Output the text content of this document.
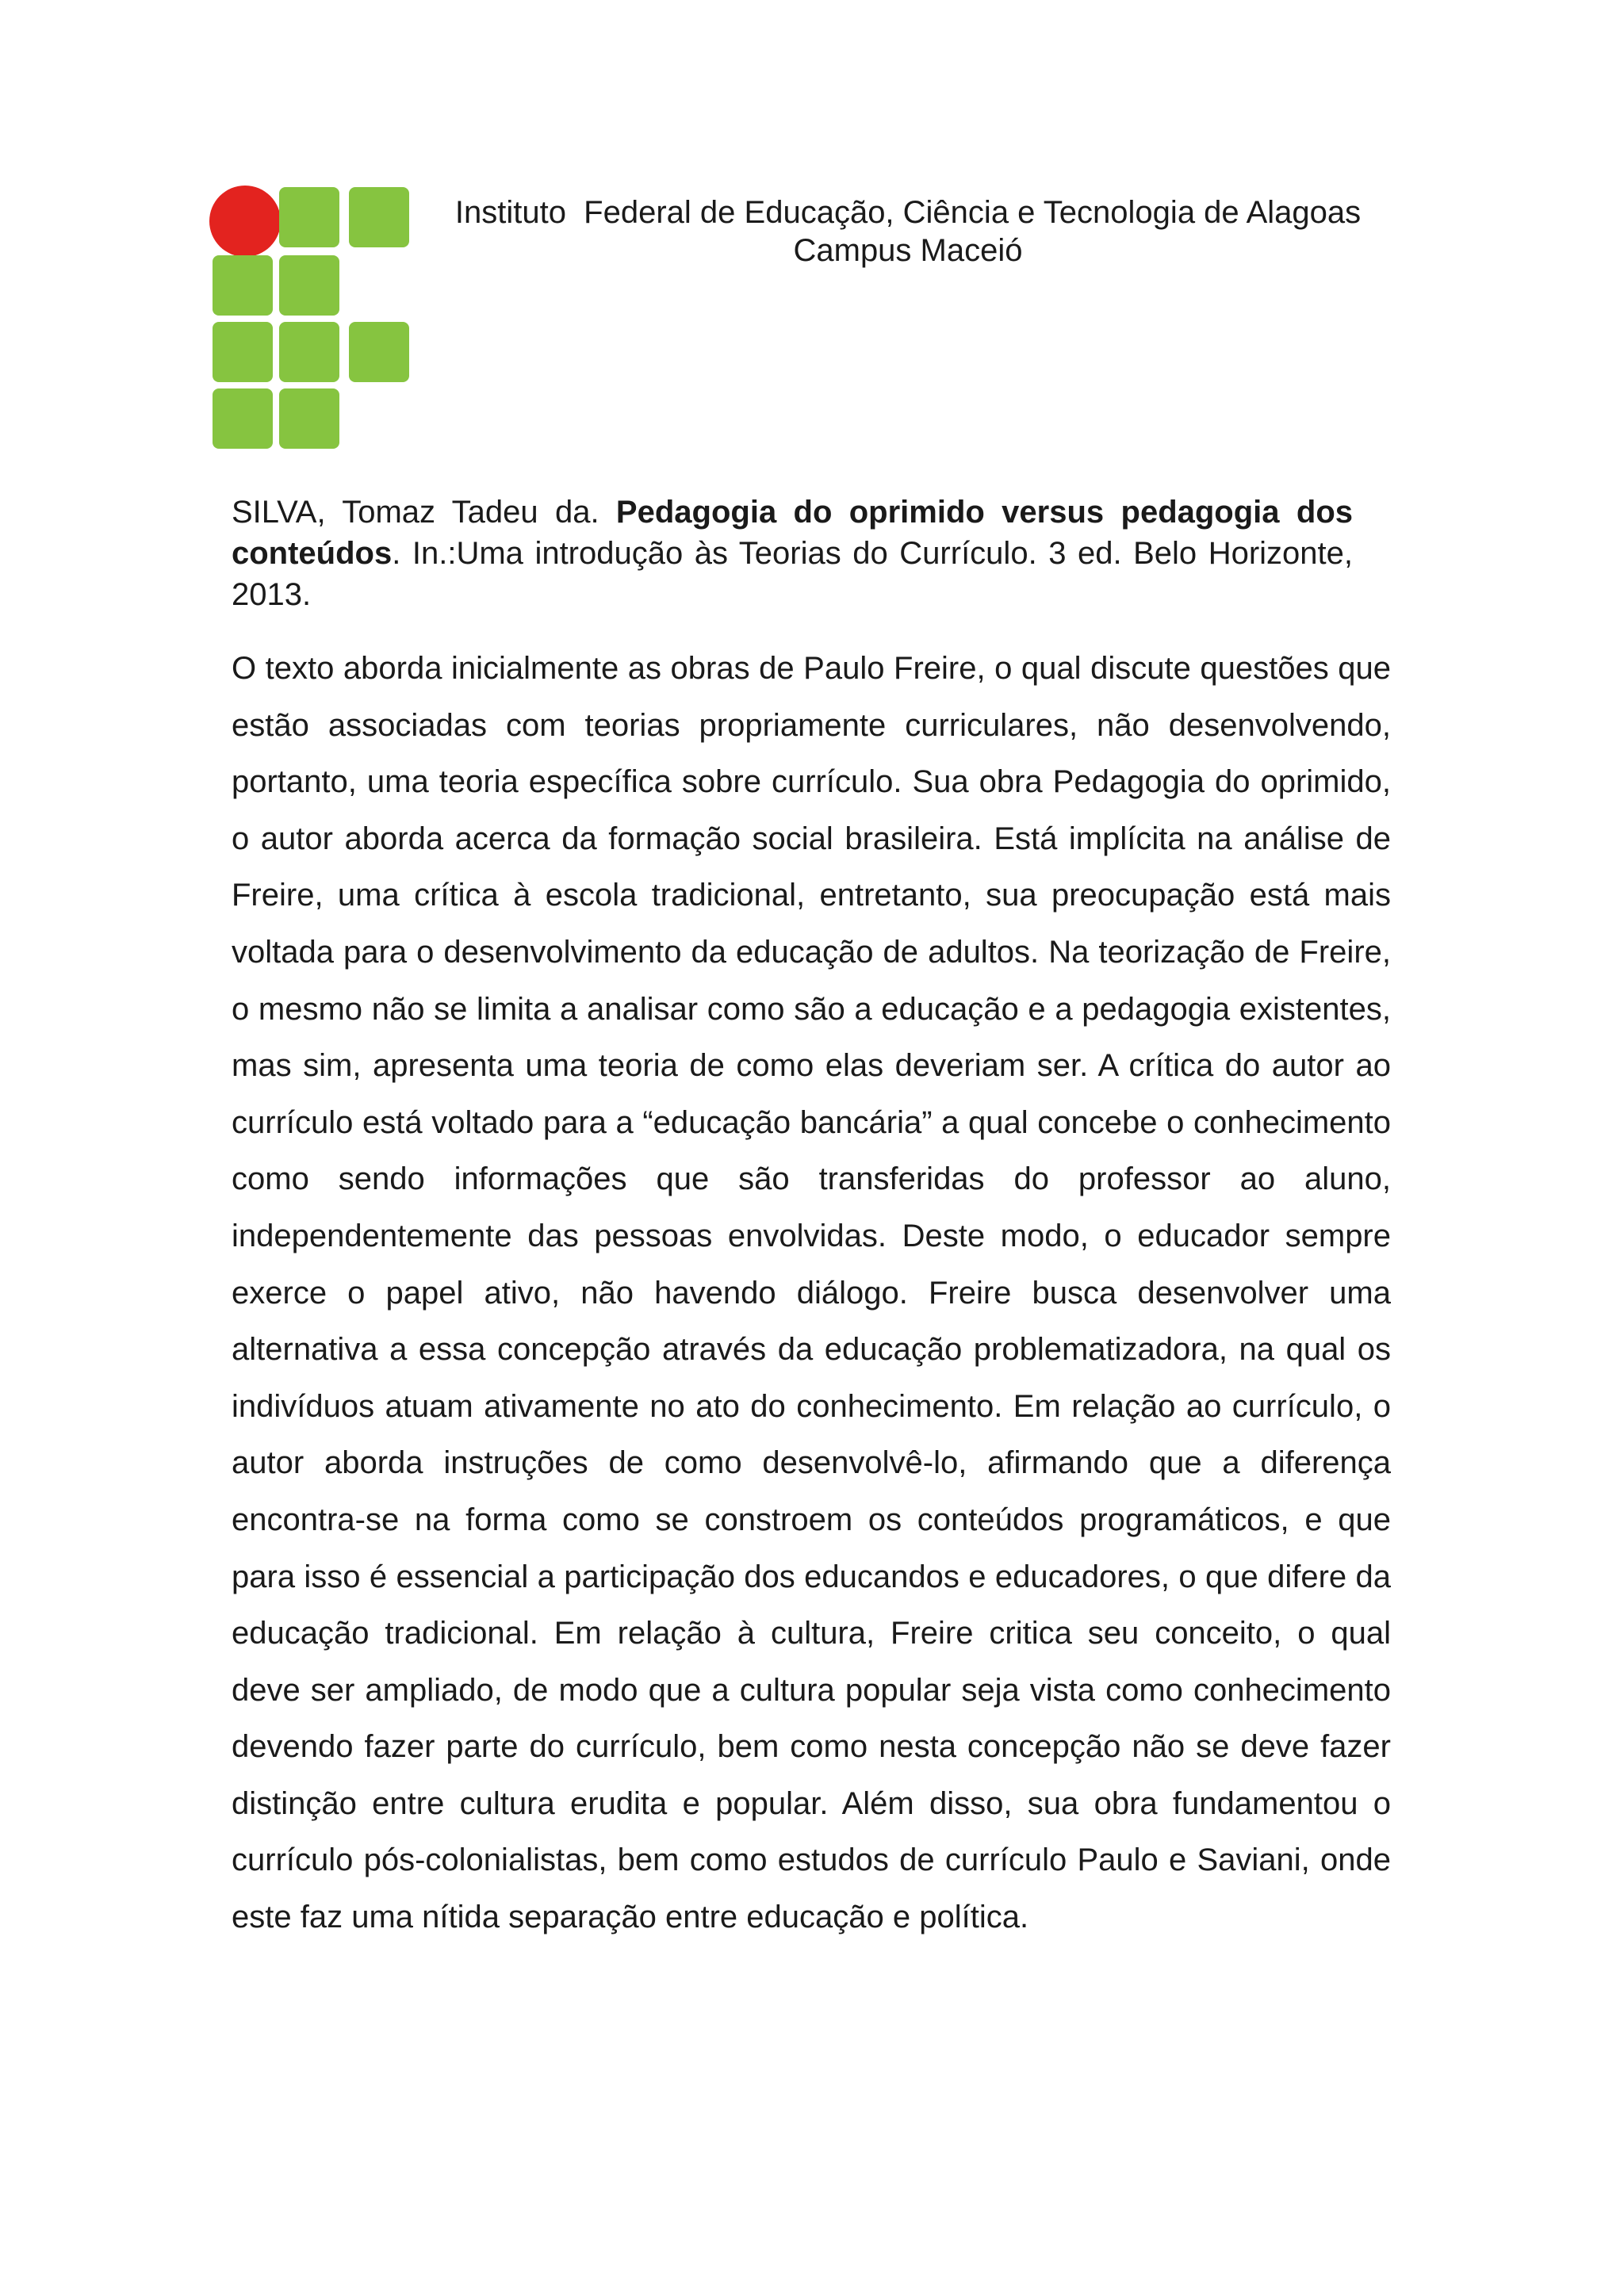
Instituto  Federal de Educação, Ciência e Tecnologia de Alagoas
Campus Maceió
SILVA, Tomaz Tadeu da. Pedagogia do oprimido versus pedagogia dos conteúdos. In.:Uma introdução às Teorias do Currículo. 3 ed. Belo Horizonte, 2013.
O texto aborda inicialmente as obras de Paulo Freire, o qual discute questões que estão associadas com teorias propriamente curriculares, não desenvolvendo, portanto, uma teoria específica sobre currículo. Sua obra Pedagogia do oprimido, o autor aborda acerca da formação social brasileira. Está implícita na análise de Freire, uma crítica à escola tradicional, entretanto, sua preocupação está mais voltada para o desenvolvimento da educação de adultos. Na teorização de Freire, o mesmo não se limita a analisar como são a educação e a pedagogia existentes, mas sim, apresenta uma teoria de como elas deveriam ser. A crítica do autor ao currículo está voltado para a “educação bancária” a qual concebe o conhecimento como sendo informações que são transferidas do professor ao aluno, independentemente das pessoas envolvidas. Deste modo, o educador sempre exerce o papel ativo, não havendo diálogo. Freire busca desenvolver uma alternativa a essa concepção através da educação problematizadora, na qual os indivíduos atuam ativamente no ato do conhecimento. Em relação ao currículo, o autor aborda instruções de como desenvolvê-lo, afirmando que a diferença encontra-se na forma como se constroem os conteúdos programáticos, e que para isso é essencial a participação dos educandos e educadores, o que difere da educação tradicional. Em relação à cultura, Freire critica seu conceito, o qual deve ser ampliado, de modo que a cultura popular seja vista como conhecimento devendo fazer parte do currículo, bem como nesta concepção não se deve fazer distinção entre cultura erudita e popular. Além disso, sua obra fundamentou o currículo pós-colonialistas, bem como estudos de currículo Paulo e Saviani, onde este faz uma nítida separação entre educação e política.
